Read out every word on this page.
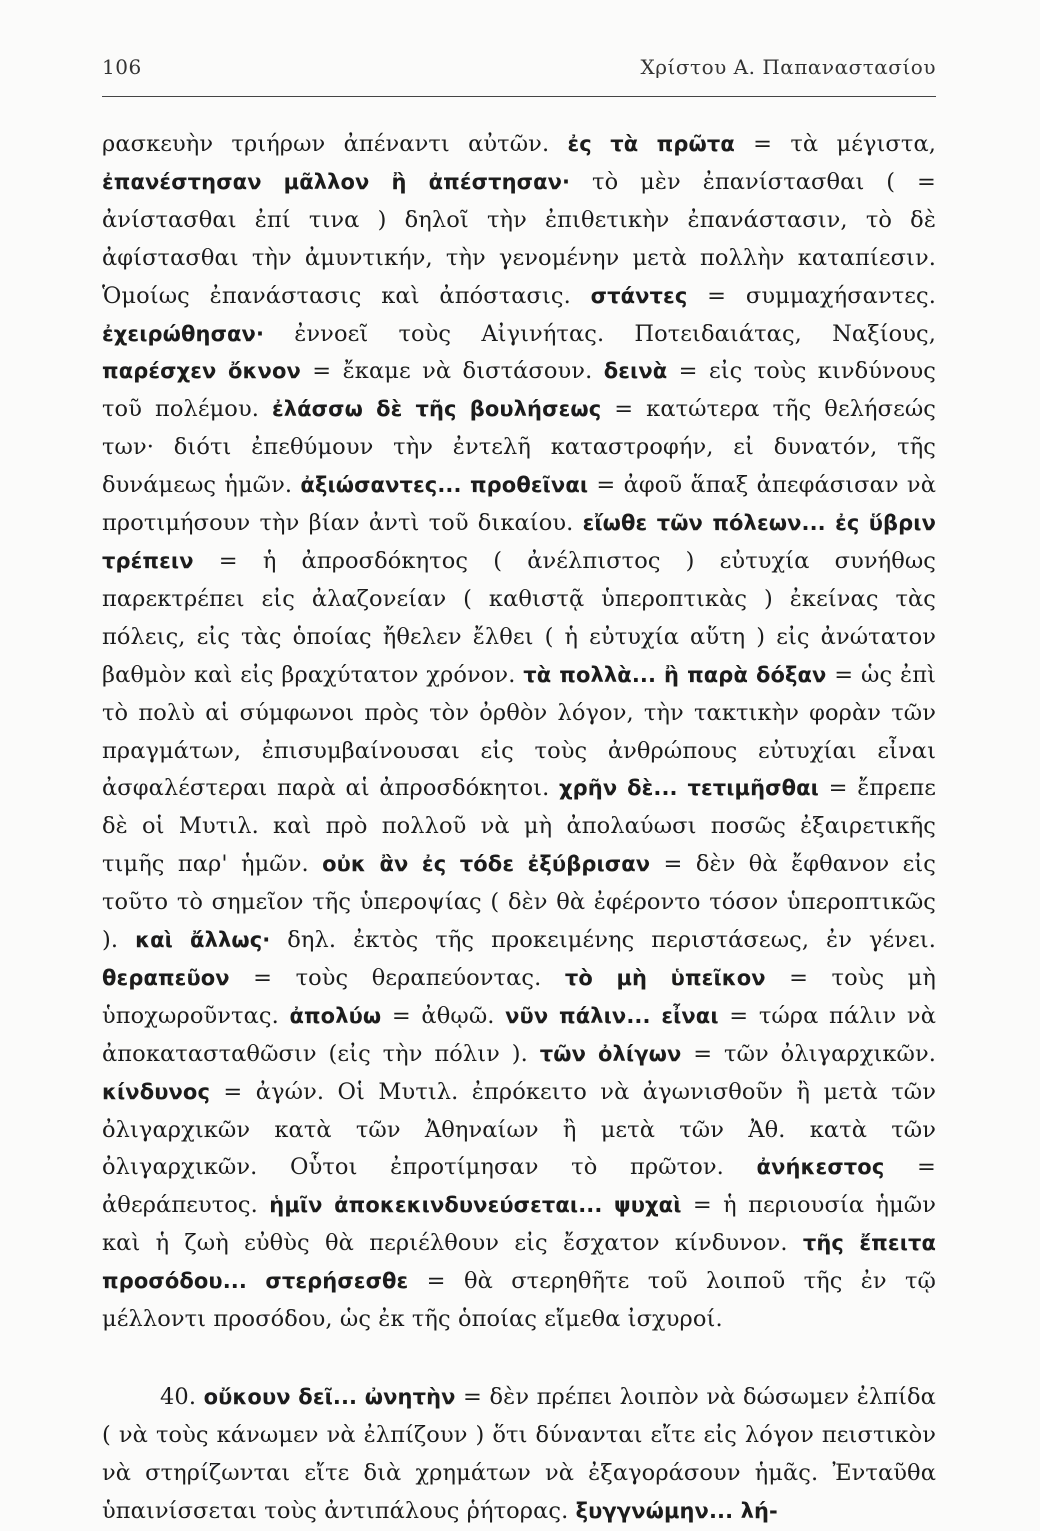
106	Χρίστου Α. Παπαναστασίου

ρασκευὴν τριήρων ἀπέναντι αὐτῶν. ἐς τὰ πρῶτα = τὰ μέγιστα, ἐπανέστησαν μᾶλλον ἢ ἀπέστησαν· τὸ μὲν ἐπανίστασθαι ( = ἀνίστασθαι ἐπί τινα ) δηλοῖ τὴν ἐπιθετικὴν ἐπανάστασιν, τὸ δὲ ἀφίστασθαι τὴν ἀμυντικήν, τὴν γενομένην μετὰ πολλὴν καταπίεσιν. Ὁμοίως ἐπανάστασις καὶ ἀπόστασις. στάντες = συμμαχήσαντες. ἐχειρώθησαν· ἐννοεῖ τοὺς Αἰγινήτας. Ποτειδαιάτας, Ναξίους, παρέσχεν ὄκνον = ἔκαμε νὰ διστάσουν. δεινὰ = εἰς τοὺς κινδύνους τοῦ πολέμου. ἐλάσσω δὲ τῆς βουλήσεως = κατώτερα τῆς θελήσεώς των· διότι ἐπεθύμουν τὴν ἐντελῆ καταστροφήν, εἰ δυνατόν, τῆς δυνάμεως ἡμῶν. ἀξιώσαντες... προθεῖναι = ἀφοῦ ἅπαξ ἀπεφάσισαν νὰ προτιμήσουν τὴν βίαν ἀντὶ τοῦ δικαίου. εἴωθε τῶν πόλεων... ἐς ὕβριν τρέπειν = ἡ ἀπροσδόκητος ( ἀνέλπιστος ) εὐτυχία συνήθως παρεκτρέπει εἰς ἀλαζονείαν ( καθιστᾷ ὑπεροπτικὰς ) ἐκείνας τὰς πόλεις, εἰς τὰς ὁποίας ἤθελεν ἔλθει ( ἡ εὐτυχία αὕτη ) εἰς ἀνώτατον βαθμὸν καὶ εἰς βραχύτατον χρόνον. τὰ πολλὰ... ἢ παρὰ δόξαν = ὡς ἐπὶ τὸ πολὺ αἱ σύμφωνοι πρὸς τὸν ὀρθὸν λόγον, τὴν τακτικὴν φορὰν τῶν πραγμάτων, ἐπισυμβαίνουσαι εἰς τοὺς ἀνθρώπους εὐτυχίαι εἶναι ἀσφαλέστεραι παρὰ αἱ ἀπροσδόκητοι. χρῆν δὲ... τετιμῆσθαι = ἔπρεπε δὲ οἱ Μυτιλ. καὶ πρὸ πολλοῦ νὰ μὴ ἀπολαύωσι ποσῶς ἐξαιρετικῆς τιμῆς παρ' ἡμῶν. οὐκ ἂν ἐς τόδε ἐξύβρισαν = δὲν θὰ ἔφθανον εἰς τοῦτο τὸ σημεῖον τῆς ὑπεροψίας ( δὲν θὰ ἐφέροντο τόσον ὑπεροπτικῶς ). καὶ ἄλλως· δηλ. ἐκτὸς τῆς προκειμένης περιστάσεως, ἐν γένει. θεραπεῦον = τοὺς θεραπεύοντας. τὸ μὴ ὑπεῖκον = τοὺς μὴ ὑποχωροῦντας. ἀπολύω = ἀθῳῶ. νῦν πάλιν... εἶναι = τώρα πάλιν νὰ ἀποκατασταθῶσιν (εἰς τὴν πόλιν ). τῶν ὀλίγων = τῶν ὀλιγαρχικῶν. κίνδυνος = ἀγών. Οἱ Μυτιλ. ἐπρόκειτο νὰ ἀγωνισθοῦν ἢ μετὰ τῶν ὀλιγαρχικῶν κατὰ τῶν Ἀθηναίων ἢ μετὰ τῶν Ἀθ. κατὰ τῶν ὀλιγαρχικῶν. Οὗτοι ἐπροτίμησαν τὸ πρῶτον. ἀνήκεστος = ἀθεράπευτος. ἡμῖν ἀποκεκινδυνεύσεται... ψυχαὶ = ἡ περιουσία ἡμῶν καὶ ἡ ζωὴ εὐθὺς θὰ περιέλθουν εἰς ἔσχατον κίνδυνον. τῆς ἔπειτα προσόδου... στερήσεσθε = θὰ στερηθῆτε τοῦ λοιποῦ τῆς ἐν τῷ μέλλοντι προσόδου, ὡς ἐκ τῆς ὁποίας εἴμεθα ἰσχυροί.

40. οὔκουν δεῖ... ὠνητὴν = δὲν πρέπει λοιπὸν νὰ δώσωμεν ἐλπίδα ( νὰ τοὺς κάνωμεν νὰ ἐλπίζουν ) ὅτι δύνανται εἴτε εἰς λόγον πειστικὸν νὰ στηρίζωνται εἴτε διὰ χρημάτων νὰ ἐξαγοράσουν ἡμᾶς. Ἐνταῦθα ὑπαινίσσεται τοὺς ἀντιπάλους ῥήτορας. ξυγγνώμην... λή-
